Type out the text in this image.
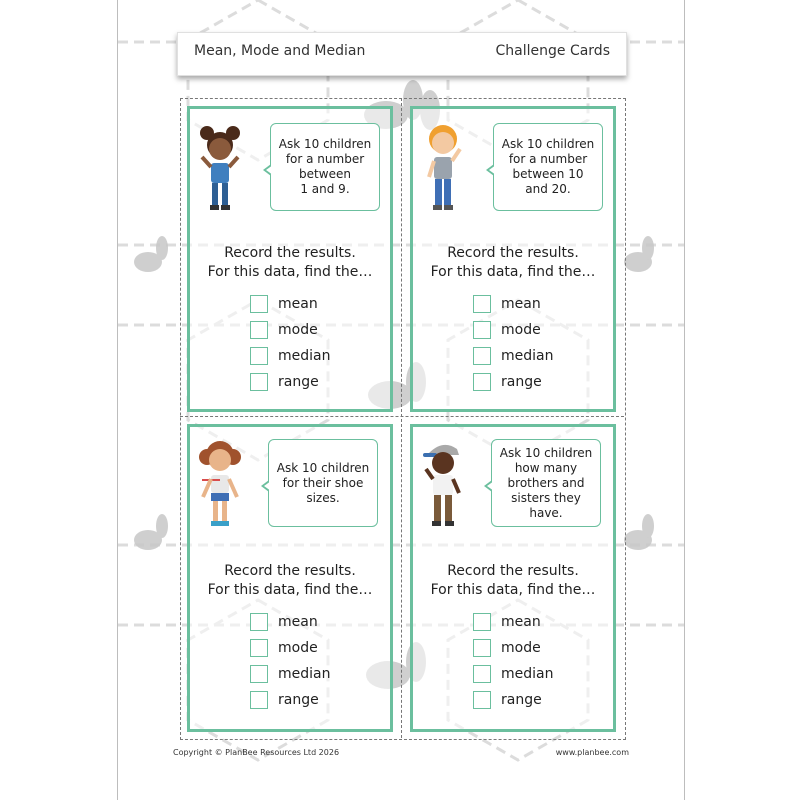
Mean, Mode and Median	Challenge Cards
Ask 10 children
for a number
between
1 and 9.
Record the results.
For this data, find the…
mean
mode
median
range
Ask 10 children
for a number
between 10
and 20.
Record the results.
For this data, find the…
mean
mode
median
range
Ask 10 children
for their shoe
sizes.
Record the results.
For this data, find the…
mean
mode
median
range
Ask 10 children
how many
brothers and
sisters they
have.
Record the results.
For this data, find the…
mean
mode
median
range
Copyright © PlanBee Resources Ltd 2026	www.planbee.com
